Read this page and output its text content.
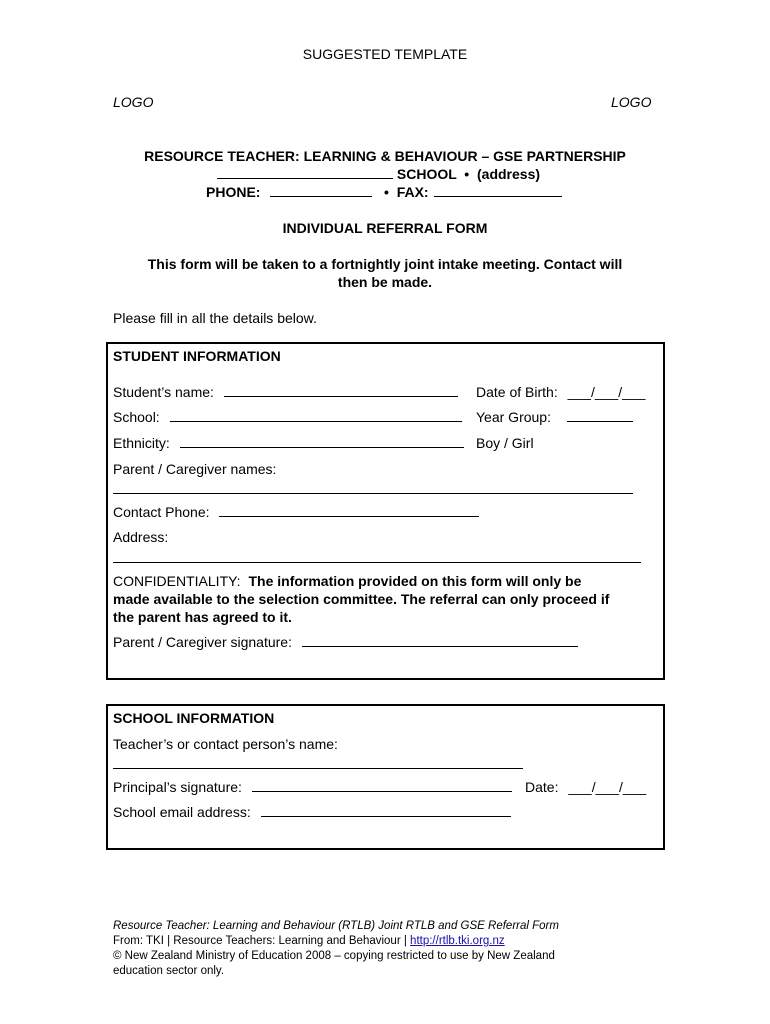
SUGGESTED TEMPLATE
LOGO	LOGO
RESOURCE TEACHER: LEARNING & BEHAVIOUR – GSE PARTNERSHIP
SCHOOL  •  (address)
PHONE:	•  FAX:
INDIVIDUAL REFERRAL FORM
This form will be taken to a fortnightly joint intake meeting. Contact will
then be made.
Please fill in all the details below.
STUDENT INFORMATION
Student’s name:	Date of Birth: ___/___/___
School:	Year Group:
Ethnicity:	Boy / Girl
Parent / Caregiver names:
Contact Phone:
Address:
CONFIDENTIALITY: The information provided on this form will only be
made available to the selection committee. The referral can only proceed if
the parent has agreed to it.
Parent / Caregiver signature:
SCHOOL INFORMATION
Teacher’s or contact person’s name:
Principal’s signature:	Date: ___/___/___
School email address:
Resource Teacher: Learning and Behaviour (RTLB) Joint RTLB and GSE Referral Form
From: TKI | Resource Teachers: Learning and Behaviour | http://rtlb.tki.org.nz
© New Zealand Ministry of Education 2008 – copying restricted to use by New Zealand
education sector only.
